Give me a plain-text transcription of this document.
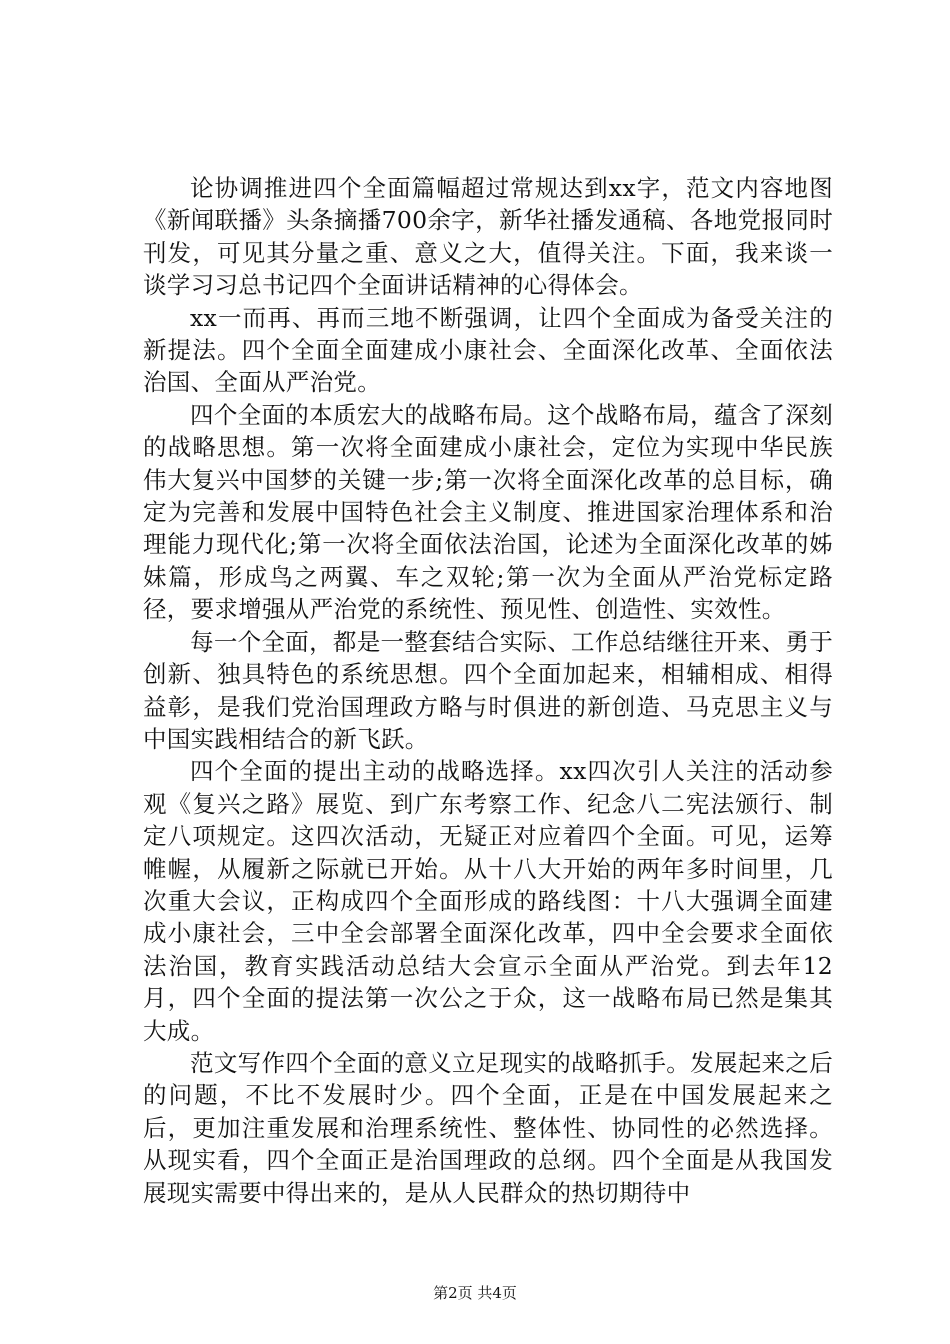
论协调推进四个全面篇幅超过常规达到xx字，范文内容地图《新闻联播》头条摘播700余字，新华社播发通稿、各地党报同时刊发，可见其分量之重、意义之大，值得关注。下面，我来谈一谈学习习总书记四个全面讲话精神的心得体会。

xx一而再、再而三地不断强调，让四个全面成为备受关注的新提法。四个全面全面建成小康社会、全面深化改革、全面依法治国、全面从严治党。

四个全面的本质宏大的战略布局。这个战略布局，蕴含了深刻的战略思想。第一次将全面建成小康社会，定位为实现中华民族伟大复兴中国梦的关键一步;第一次将全面深化改革的总目标，确定为完善和发展中国特色社会主义制度、推进国家治理体系和治理能力现代化;第一次将全面依法治国，论述为全面深化改革的姊妹篇，形成鸟之两翼、车之双轮;第一次为全面从严治党标定路径，要求增强从严治党的系统性、预见性、创造性、实效性。

每一个全面，都是一整套结合实际、工作总结继往开来、勇于创新、独具特色的系统思想。四个全面加起来，相辅相成、相得益彰，是我们党治国理政方略与时俱进的新创造、马克思主义与中国实践相结合的新飞跃。

四个全面的提出主动的战略选择。xx四次引人关注的活动参观《复兴之路》展览、到广东考察工作、纪念八二宪法颁行、制定八项规定。这四次活动，无疑正对应着四个全面。可见，运筹帷幄，从履新之际就已开始。从十八大开始的两年多时间里，几次重大会议，正构成四个全面形成的路线图：十八大强调全面建成小康社会，三中全会部署全面深化改革，四中全会要求全面依法治国，教育实践活动总结大会宣示全面从严治党。到去年12月，四个全面的提法第一次公之于众，这一战略布局已然是集其大成。

范文写作四个全面的意义立足现实的战略抓手。发展起来之后的问题，不比不发展时少。四个全面，正是在中国发展起来之后，更加注重发展和治理系统性、整体性、协同性的必然选择。从现实看，四个全面正是治国理政的总纲。四个全面是从我国发展现实需要中得出来的，是从人民群众的热切期待中

第2页 共4页
